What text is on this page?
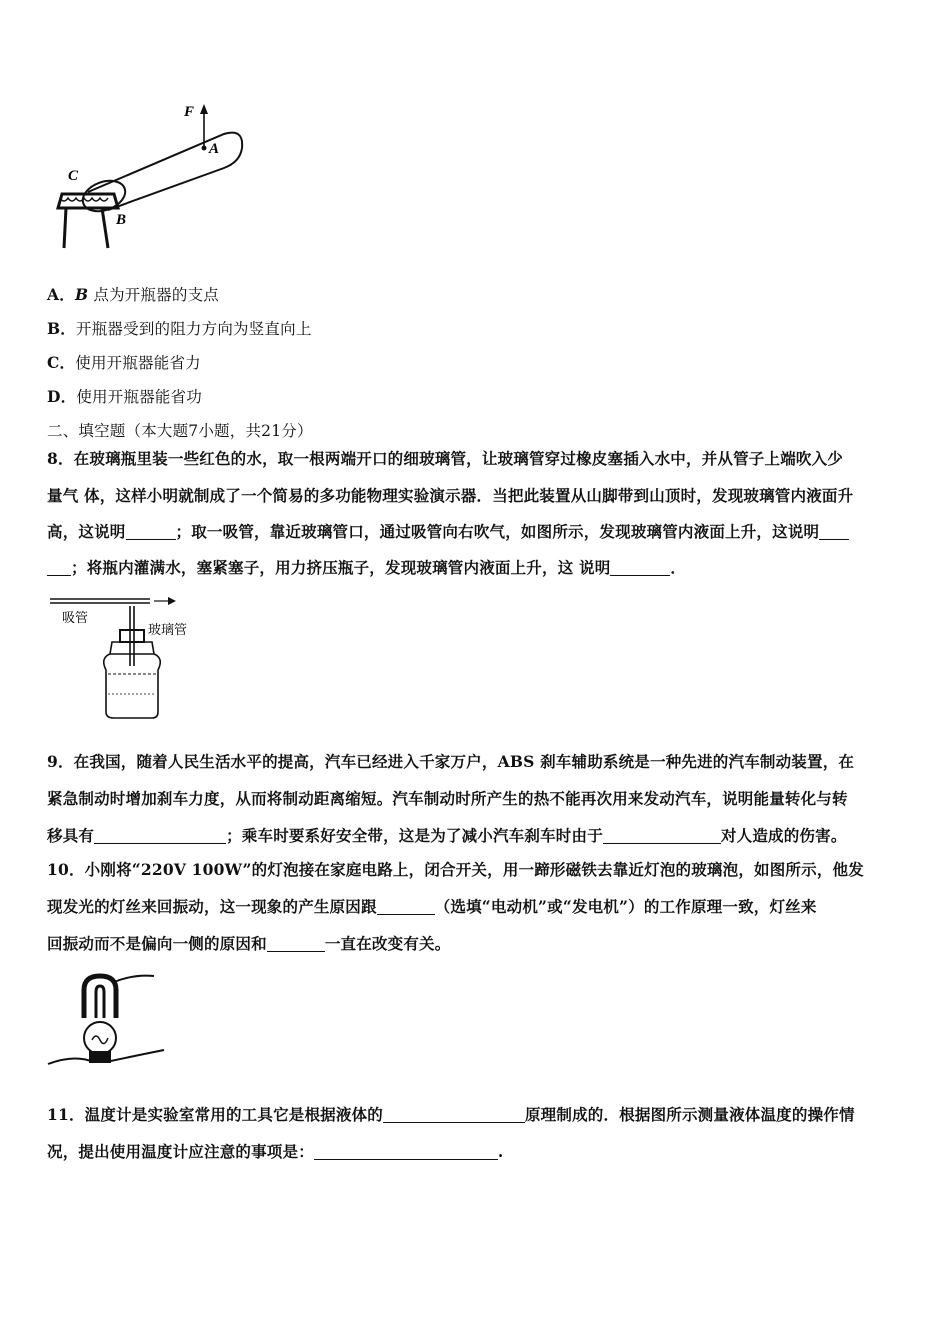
F
A
C
B
A．B 点为开瓶器的支点
B．开瓶器受到的阻力方向为竖直向上
C．使用开瓶器能省力
D．使用开瓶器能省功
二、填空题（本大题7小题，共21分）
8．在玻璃瓶里装一些红色的水，取一根两端开口的细玻璃管，让玻璃管穿过橡皮塞插入水中，并从管子上端吹入少
量气 体，这样小明就制成了一个简易的多功能物理实验演示器．当把此装置从山脚带到山顶时，发现玻璃管内液面升
高，这说明	；取一吸管，靠近玻璃管口，通过吸管向右吹气，如图所示，发现玻璃管内液面上升，这说明
；将瓶内灌满水，塞紧塞子，用力挤压瓶子，发现玻璃管内液面上升，这 说明	．
吸管
玻璃管
9．在我国，随着人民生活水平的提高，汽车已经进入千家万户，ABS 刹车辅助系统是一种先进的汽车制动装置，在
紧急制动时增加刹车力度，从而将制动距离缩短。汽车制动时所产生的热不能再次用来发动汽车，说明能量转化与转
移具有	；乘车时要系好安全带，这是为了减小汽车刹车时由于	对人造成的伤害。
10．小刚将“220V 100W”的灯泡接在家庭电路上，闭合开关，用一蹄形磁铁去靠近灯泡的玻璃泡，如图所示，他发
现发光的灯丝来回振动，这一现象的产生原因跟	（选填“电动机”或“发电机”）的工作原理一致，灯丝来
回振动而不是偏向一侧的原因和	一直在改变有关。
11．温度计是实验室常用的工具它是根据液体的	原理制成的．根据图所示测量液体温度的操作情
况，提出使用温度计应注意的事项是：	.
